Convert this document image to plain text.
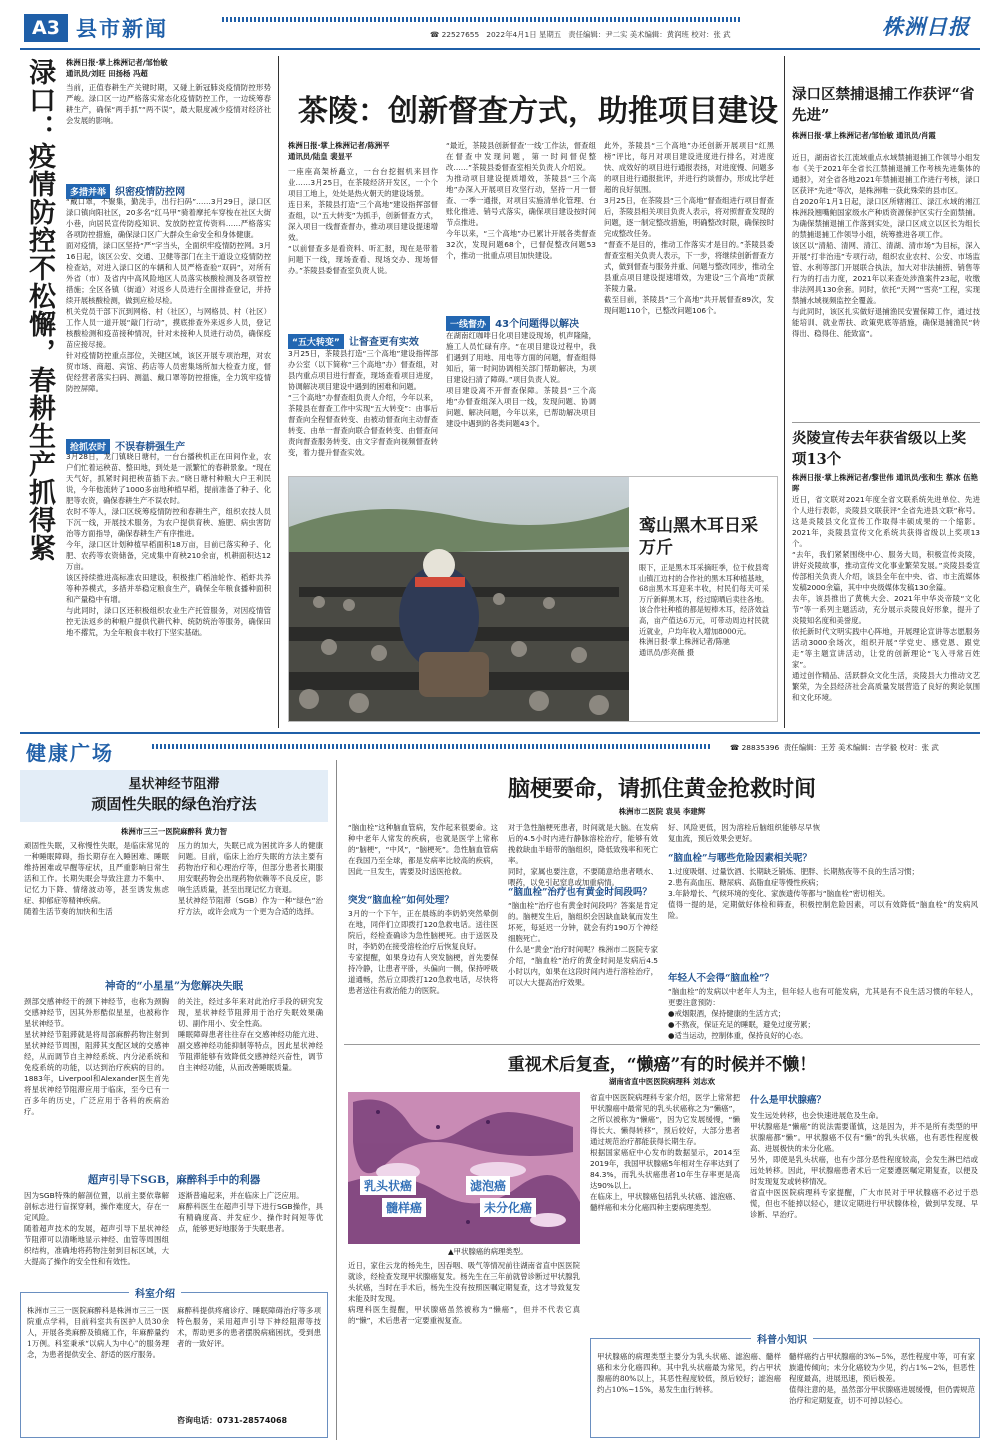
A3 县市新闻	☎ 22527655 2022年4月1日 星期五 责任编辑：尹二实 美术编辑：黄润班 校对：张 武	株洲日报
渌口：疫情防控不松懈，春耕生产抓得紧 株洲日报·掌上株洲记者/邹怡敏
通讯员/刘旺 田扬杨 冯超
当前，正值春耕生产关键时期，又碰上新冠肺炎疫情防控形势严峻。渌口区一边严格落实常态化疫情防控工作，一边统筹春耕生产，确保“两手抓”“两不误”，最大限度减少疫情对经济社会发展的影响。
多措并举 织密疫情防控网
“戴口罩，不聚集，勤洗手，出行扫码”……3月29日，渌口区渌口镇向阳社区，20多名“红马甲”骑着摩托车穿梭在社区大街小巷，向居民宣传防疫知识、发放防控宣传资料……严格落实各项防控措施，确保渌口区广大群众生命安全和身体健康。
面对疫情，渌口区坚持“严”字当头，全面织牢疫情防控网。3月16日起，该区公安、交通、卫健等部门在主干道设立疫情防控检查站，对进入渌口区的车辆和人员严格查验“双码”，对所有外省（市）及省内中高风险地区人员落实核酸检测及各项管控措施；全区各镇（街道）对返乡人员进行全面排查登记，并持续开展核酸检测，做到应检尽检。
机关党员干部下沉到网格、村（社区），与网格员、村（社区）工作人员一道开展“敲门行动”，摸底排查外来返乡人员，登记核酸检测和疫苗接种情况，针对未接种人员进行动员，确保疫苗应接尽接。
针对疫情防控重点部位，关键区域，该区开展专项治理，对农贸市场、商超、宾馆、药店等人员密集场所加大检查力度，督促经营者落实扫码、测温、戴口罩等防控措施，全力筑牢疫情防控屏障。
抢抓农时 不误春耕强生产
3月28日，龙门镇晓日塘村，一台台播秧机正在田间作业，农户们忙着运秧苗、整田地，到处是一派繁忙的春耕景象。“现在天气好，抓紧时间把秧苗插下去。”晓日塘村种粮大户王利民说，今年他流转了1000多亩地种植早稻，提前准备了种子、化肥等农资，确保春耕生产不误农时。
农时不等人，渌口区统筹疫情防控和春耕生产，组织农技人员下沉一线，开展技术服务，为农户提供育秧、施肥、病虫害防治等方面指导，确保春耕生产有序推进。
今年，渌口区计划种植早稻面积18万亩，目前已落实种子、化肥、农药等农资储备，完成集中育秧210余亩，机耕面积达12万亩。
该区持续推进高标准农田建设，积极推广稻油轮作、稻虾共养等种养模式，多措并举稳定粮食生产，确保全年粮食播种面积和产量稳中有增。
与此同时，渌口区还积极组织农业生产托管服务，对因疫情管控无法返乡的种粮户提供代耕代种、统防统治等服务，确保田地不撂荒，为全年粮食丰收打下坚实基础。
茶陵：创新督查方式，助推项目建设
株洲日报·掌上株洲记者/陈洲平
通讯员/陆皇 裴显平
一座座高架桥矗立，一台台挖掘机来回作业……3月25日，在茶陵经济开发区，一个个项目工地上，处处是热火朝天的建设场景。
连日来，茶陵县打造“三个高地”建设指挥部督查组，以“五大转变”为抓手，创新督查方式，深入项目一线督查督办，推动项目建设提速增效。
“以前督查多是看资料、听汇报，现在是带着问题下一线，现场查看、现场交办、现场督办。”茶陵县委督查室负责人说。
“五大转变” 让督查更有实效
3月25日，茶陵县打造“三个高地”建设指挥部办公室（以下简称“三个高地”办）督查组，对县内重点项目进行督查，现场查看项目进度，协调解决项目建设中遇到的困难和问题。
“三个高地”办督查组负责人介绍，今年以来，茶陵县在督查工作中实现“五大转变”：由事后督查向全程督查转变、由被动督查向主动督查转变、由单一督查向联合督查转变、由督查问责向督查服务转变、由文字督查向视频督查转变，着力提升督查实效。
“最近，茶陵县创新督查‘一线’工作法，督查组在督查中发现问题，第一时间督促整改……”茶陵县委督查室相关负责人介绍说。
为推动项目建设提质增效，茶陵县“三个高地”办深入开展项目攻坚行动，坚持一月一督查、一季一通报，对项目实施清单化管理、台账化推进、销号式落实，确保项目建设按时间节点推进。
今年以来，“三个高地”办已累计开展各类督查32次，发现问题68个，已督促整改问题53个，推动一批重点项目加快建设。
一线督办 43个问题得以解决
在湖南红咖啡日化项目建设现场，机声隆隆，施工人员忙碌有序。“在项目建设过程中，我们遇到了用地、用电等方面的问题，督查组得知后，第一时间协调相关部门帮助解决，为项目建设扫清了障碍。”项目负责人说。
项目建设离不开督查保障。茶陵县“三个高地”办督查组深入项目一线，发现问题、协调问题、解决问题，今年以来，已帮助解决项目建设中遇到的各类问题43个。
此外，茶陵县“三个高地”办还创新开展项目“红黑榜”评比，每月对项目建设进度进行排名，对进度快、成效好的项目进行通报表扬，对进度慢、问题多的项目进行通报批评，并进行约谈督办，形成比学赶超的良好氛围。
3月25日，在茶陵县“三个高地”督查组进行项目督查后，茶陵县相关项目负责人表示，将对照督查发现的问题，逐一制定整改措施，明确整改时限，确保按时完成整改任务。
“督查不是目的，推动工作落实才是目的。”茶陵县委督查室相关负责人表示，下一步，将继续创新督查方式，做到督查与服务并重、问题与整改同步，推动全县重点项目建设提速增效，为建设“三个高地”贡献茶陵力量。
截至目前，茶陵县“三个高地”共开展督查89次，发现问题110个，已整改问题106个。
鸾山黑木耳日采万斤
眼下，正是黑木耳采摘旺季，位于攸县鸾山镇江边村的合作社的黑木耳种植基地，68亩黑木耳迎来丰收，村民们每天可采万斤新鲜黑木耳，经过晾晒后卖往各地。
该合作社种植的都是短棒木耳，经济效益高，亩产值达6万元，可带动周边村民就近就业，户均年收入增加8000元。
株洲日报·掌上株洲记者/陈驰
通讯员/彭亮薇 摄
渌口区禁捕退捕工作获评“省先进”
株洲日报·掌上株洲记者/邹怡敏 通讯员/肖霞
近日，湖南省长江流域重点水域禁捕退捕工作领导小组发布《关于2021年全省长江禁捕退捕工作考核先进集体的通报》，对全省各地2021年禁捕退捕工作进行考核，渌口区获评“先进”等次，是株洲唯一获此殊荣的县市区。
自2020年1月1日起，渌口区所辖湘江、渌江水域的湘江株洲段翘嘴鲌国家级水产种质资源保护区实行全面禁捕。为确保禁捕退捕工作落到实处，渌口区成立以区长为组长的禁捕退捕工作领导小组，统筹推进各项工作。
该区以“清船、清网、清江、清湖、清市场”为目标，深入开展“打非治违”专项行动，组织农业农村、公安、市场监管、水利等部门开展联合执法，加大对非法捕捞、销售等行为的打击力度，2021年以来查处涉渔案件23起，收缴非法网具130余套。同时，依托“天网”“雪亮”工程，实现禁捕水域视频监控全覆盖。
与此同时，该区扎实做好退捕渔民安置保障工作，通过技能培训、就业帮扶、政策兜底等措施，确保退捕渔民“转得出、稳得住、能致富”。
炎陵宣传去年获省级以上奖项13个
株洲日报·掌上株洲记者/黎世伟 通讯员/张和生 蔡冰 伍艳晖
近日，省文联对2021年度全省文联系统先进单位、先进个人进行表彰，炎陵县文联获评“全省先进县文联”称号。这是炎陵县文化宣传工作取得丰硕成果的一个缩影。2021年，炎陵县宣传文化系统共获得省级以上奖项13个。
“去年，我们紧紧围绕中心、服务大局，积极宣传炎陵，讲好炎陵故事，推动宣传文化事业繁荣发展。”炎陵县委宣传部相关负责人介绍，该县全年在中央、省、市主流媒体发稿2000余篇，其中中央级媒体发稿130余篇。
去年，该县推出了黄桃大会、2021年中华炎帝陵“文化节”等一系列主题活动，充分展示炎陵良好形象，提升了炎陵知名度和美誉度。
依托新时代文明实践中心阵地，开展理论宣讲等志愿服务活动3000余场次，组织开展“学党史、感党恩、跟党走”等主题宣讲活动，让党的创新理论“飞入寻常百姓家”。
通过创作精品、活跃群众文化生活，炎陵县大力推动文艺繁荣，为全县经济社会高质量发展营造了良好的舆论氛围和文化环境。
健康广场	☎ 28835396 责任编辑：王芳 美术编辑：吉学毅 校对：张 武
星状神经节阻滞
顽固性失眠的绿色治疗法
株洲市三三一医院麻醉科 黄力智
顽固性失眠，又称慢性失眠，是临床常见的一种睡眠障碍，指长期存在入睡困难、睡眠维持困难或早醒等症状，且严重影响日常生活和工作。长期失眠会导致注意力不集中、记忆力下降、情绪波动等，甚至诱发焦虑症、抑郁症等精神疾病。
随着生活节奏的加快和生活
压力的加大，失眠已成为困扰许多人的健康问题。目前，临床上治疗失眠的方法主要有药物治疗和心理治疗等，但部分患者长期服用安眠药物会出现药物依赖等不良反应，影响生活质量，甚至出现记忆力衰退。
星状神经节阻滞（SGB）作为一种“绿色”治疗方法，或许会成为一个更为合适的选择。
神奇的“小星星”为您解决失眠
颈部交感神经干的颈下神经节，也称为颈胸交感神经节，因其外形酷似星星，也被称作星状神经节。
星状神经节阻滞就是将局部麻醉药物注射到星状神经节周围，阻滞其支配区域的交感神经，从而调节自主神经系统、内分泌系统和免疫系统的功能，以达到治疗疾病的目的。1883年，Liverpool和Alexander医生首先将星状神经节阻滞应用于临床，至今已有一百多年的历史，广泛应用于各科的疾病治疗。
的关注，经过多年来对此治疗手段的研究发现，星状神经节阻滞用于治疗失眠效果确切、副作用小、安全性高。
睡眠障碍患者往往存在交感神经功能亢进、副交感神经功能抑制等特点，因此星状神经节阻滞能够有效降低交感神经兴奋性，调节自主神经功能，从而改善睡眠质量。
超声引导下SGB，麻醉科手中的利器
因为SGB特殊的解剖位置，以前主要依靠解剖标志进行盲探穿刺，操作难度大，存在一定风险。
随着超声技术的发展，超声引导下星状神经节阻滞可以清晰地显示神经、血管等周围组织结构，准确地将药物注射到目标区域，大大提高了操作的安全性和有效性。
逐渐普遍起来，并在临床上广泛应用。
麻醉科医生在超声引导下进行SGB操作，具有精确度高、并发症少、操作时间短等优点，能够更好地服务于失眠患者。
科室介绍
株洲市三三一医院麻醉科是株洲市三三一医院重点学科，目前科室共有医护人员30余人，开展各类麻醉及镇痛工作，年麻醉量约1万例。科室秉承“以病人为中心”的服务理念，为患者提供安全、舒适的医疗服务。
麻醉科提供疼痛诊疗、睡眠障碍治疗等多项特色服务，采用超声引导下神经阻滞等技术，帮助更多的患者摆脱病痛困扰，受到患者的一致好评。
咨询电话：0731-28574068
脑梗要命，请抓住黄金抢救时间
株洲市二医院 袁昊 李建辉
“脑血栓”这种脑血管病，发作起来很要命。这种中老年人常发的疾病，也就是医学上常称的“脑梗”，“中风”，“脑梗死”。急性脑血管病在我国乃至全球，都是发病率比较高的疾病，因此一旦发生，需要及时送医抢救。
突发“脑血栓”如何处理？
3月的一个下午，正在晨练的李奶奶突然晕倒在地，同伴们立即拨打120急救电话。送往医院后，经检查确诊为急性脑梗死。由于送医及时，李奶奶在接受溶栓治疗后恢复良好。
专家提醒，如果身边有人突发脑梗，首先要保持冷静，让患者平卧，头偏向一侧，保持呼吸道通畅，然后立即拨打120急救电话，尽快将患者送往有救治能力的医院。
对于急性脑梗死患者，时间就是大脑。在发病后的4.5小时内进行静脉溶栓治疗，能够有效挽救缺血半暗带的脑组织，降低致残率和死亡率。
同时，家属也要注意，不要随意给患者喂水、喂药，以免引起窒息或加重病情。
“脑血栓”治疗也有黄金时间段吗？
“脑血栓”治疗也有黄金时间段吗？答案是肯定的。脑梗发生后，脑组织会因缺血缺氧而发生坏死，每延迟一分钟，就会有约190万个神经细胞死亡。
什么是“黄金”治疗时间呢？株洲市二医院专家介绍，“脑血栓”治疗的黄金时间是发病后4.5小时以内，如果在这段时间内进行溶栓治疗，可以大大提高治疗效果。
好、风险更低，因为溶栓后脑组织能够尽早恢复血流，预后效果会更好。
“脑血栓”与哪些危险因素相关呢？
1.过度吸烟、过量饮酒、长期缺乏锻炼、肥胖、长期熬夜等不良的生活习惯；
2.患有高血压、糖尿病、高脂血症等慢性疾病；
3.年龄增长、气候环境的变化、家族遗传等都与“脑血栓”密切相关。
值得一提的是，定期做好体检和筛查，积极控制危险因素，可以有效降低“脑血栓”的发病风险。
年轻人不会得“脑血栓”？
“脑血栓”的发病以中老年人为主，但年轻人也有可能发病，尤其是有不良生活习惯的年轻人，更要注意预防：
●戒烟限酒，保持健康的生活方式；
●不熬夜，保证充足的睡眠，避免过度劳累；
●适当运动，控制体重，保持良好的心态。
重视术后复查，“懒癌”有的时候并不懒！
湖南省直中医医院病理科 刘志欢
乳头状癌	滤泡癌
髓样癌	未分化癌
▲甲状腺癌的病理类型。
近日，家住云龙的杨先生，因吞咽、吸气等情况前往湖南省直中医医院就诊，经检查发现甲状腺癌复发。杨先生在三年前就曾诊断过甲状腺乳头状癌，当时在手术后，杨先生没有按照医嘱定期复查，这才导致复发未能及时发现。
病理科医生提醒，甲状腺癌虽然被称为“懒癌”，但并不代表它真的“懒”，术后患者一定要重视复查。
省直中医医院病理科专家介绍，医学上常常把甲状腺癌中最常见的乳头状癌称之为“懒癌”，之所以被称为“懒癌”，因为它发展缓慢，“懒得长大、懒得转移”，预后较好，大部分患者通过规范治疗都能获得长期生存。
根据国家癌症中心发布的数据显示，2014至2019年，我国甲状腺癌5年相对生存率达到了84.3%，而乳头状癌患者10年生存率更是高达90%以上。
在临床上，甲状腺癌包括乳头状癌、滤泡癌、髓样癌和未分化癌四种主要病理类型。
什么是甲状腺癌？
发生远处转移，也会快速进展危及生命。
甲状腺癌是“懒癌”的说法需要谨慎，这是因为，并不是所有类型的甲状腺癌都“懒”。甲状腺癌不仅有“懒”的乳头状癌，也有恶性程度极高、进展极快的未分化癌。
另外，即使是乳头状癌，也有少部分恶性程度较高，会发生淋巴结或远处转移。因此，甲状腺癌患者术后一定要遵医嘱定期复查，以便及时发现复发或转移情况。
省直中医医院病理科专家提醒，广大市民对于甲状腺癌不必过于恐慌，但也不能掉以轻心，建议定期进行甲状腺体检，做到早发现、早诊断、早治疗。
科普小知识
甲状腺癌的病理类型主要分为乳头状癌、滤泡癌、髓样癌和未分化癌四种。其中乳头状癌最为常见，约占甲状腺癌的80%以上，其恶性程度较低，预后较好；滤泡癌约占10%~15%，易发生血行转移。
髓样癌约占甲状腺癌的3%~5%，恶性程度中等，可有家族遗传倾向；未分化癌较为少见，约占1%~2%，但恶性程度最高，进展迅速，预后极差。
值得注意的是，虽然部分甲状腺癌进展缓慢，但仍需规范治疗和定期复查，切不可掉以轻心。
